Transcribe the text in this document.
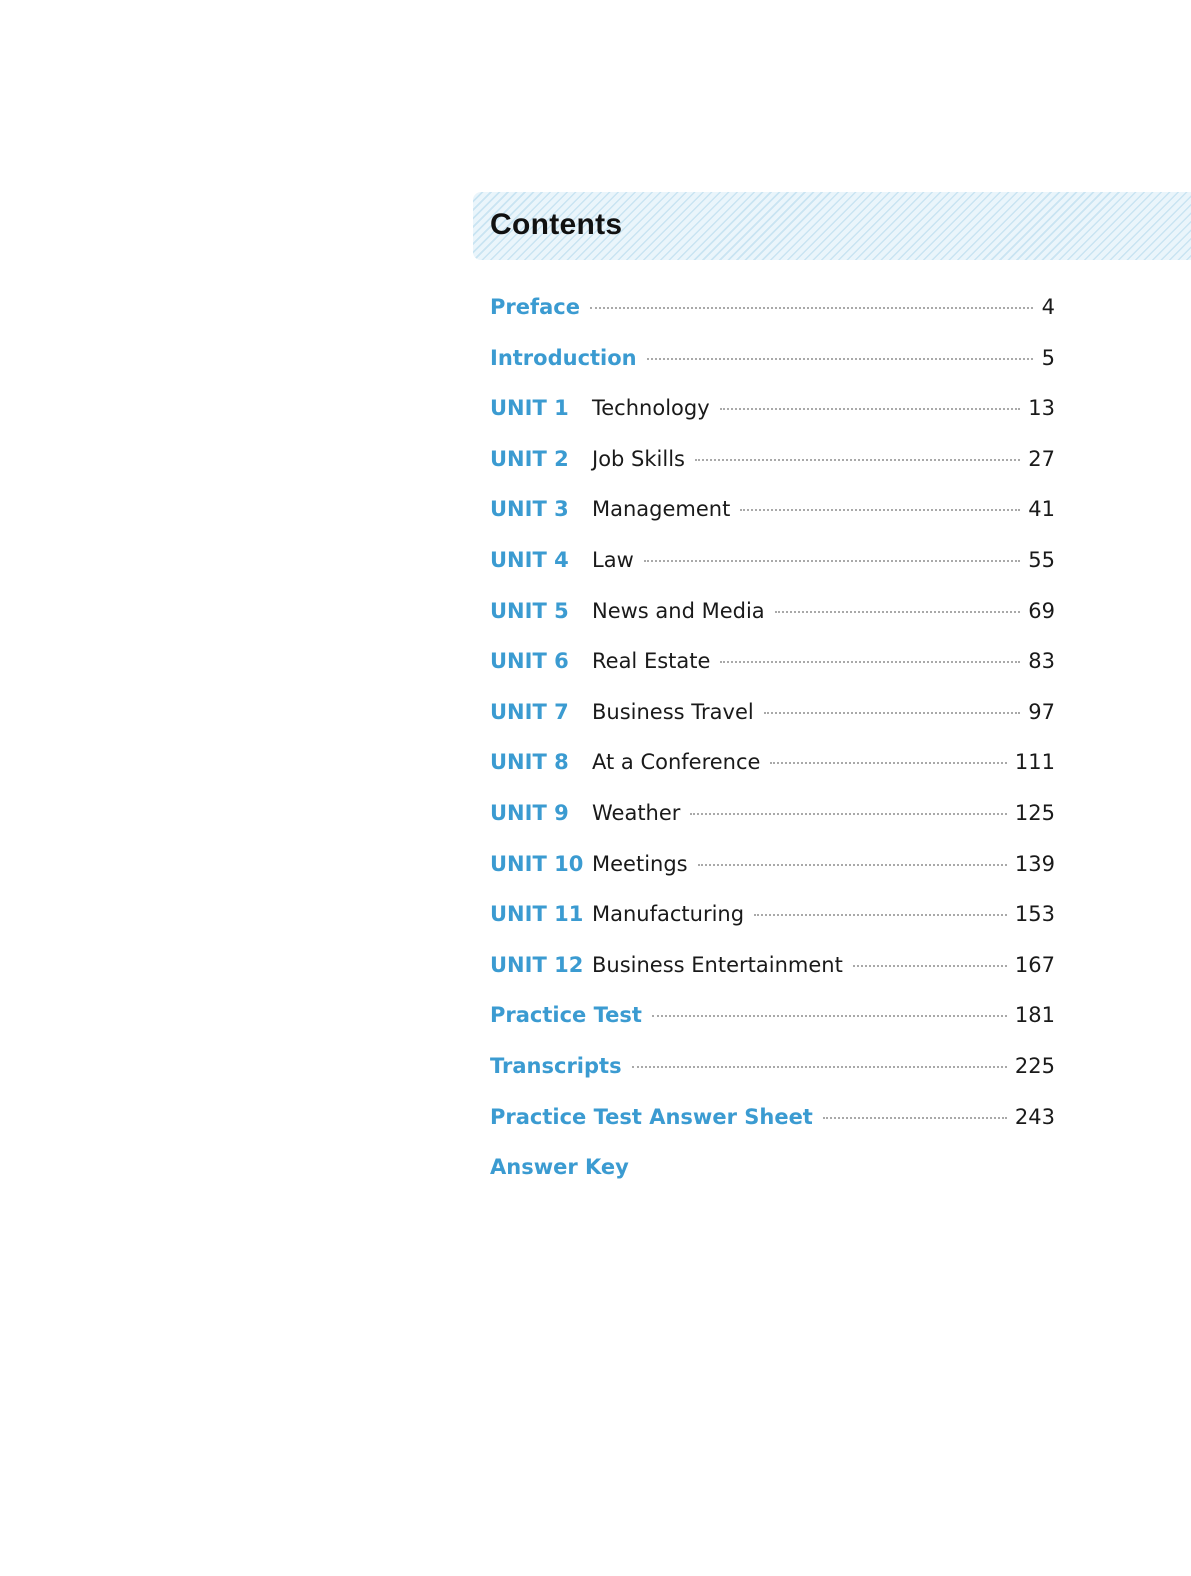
Contents
Preface	4
Introduction	5
UNIT 1	Technology	13
UNIT 2	Job Skills	27
UNIT 3	Management	41
UNIT 4	Law	55
UNIT 5	News and Media	69
UNIT 6	Real Estate	83
UNIT 7	Business Travel	97
UNIT 8	At a Conference	111
UNIT 9	Weather	125
UNIT 10 Meetings	139
UNIT 11 Manufacturing	153
UNIT 12 Business Entertainment	167
Practice Test	181
Transcripts	225
Practice Test Answer Sheet	243
Answer Key
